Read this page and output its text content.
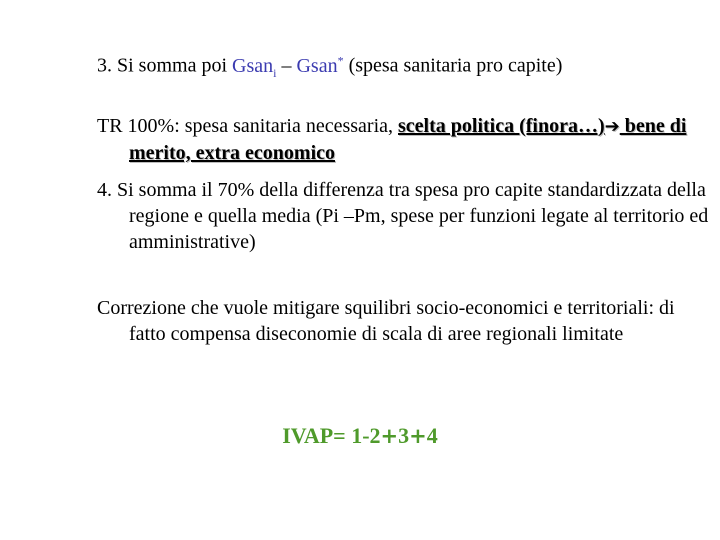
3. Si somma poi Gsan$_i$ – Gsan* (spesa sanitaria pro capite)
TR 100%: spesa sanitaria necessaria, scelta politica (finora…)➔ bene di merito, extra economico
4. Si somma il 70% della differenza tra spesa pro capite standardizzata della regione e quella media (Pi –Pm, spese per funzioni legate al territorio ed amministrative)
Correzione che vuole mitigare squilibri socio-economici e territoriali: di fatto compensa diseconomie di scala di aree regionali limitate
IVAP= 1-2+3+4
